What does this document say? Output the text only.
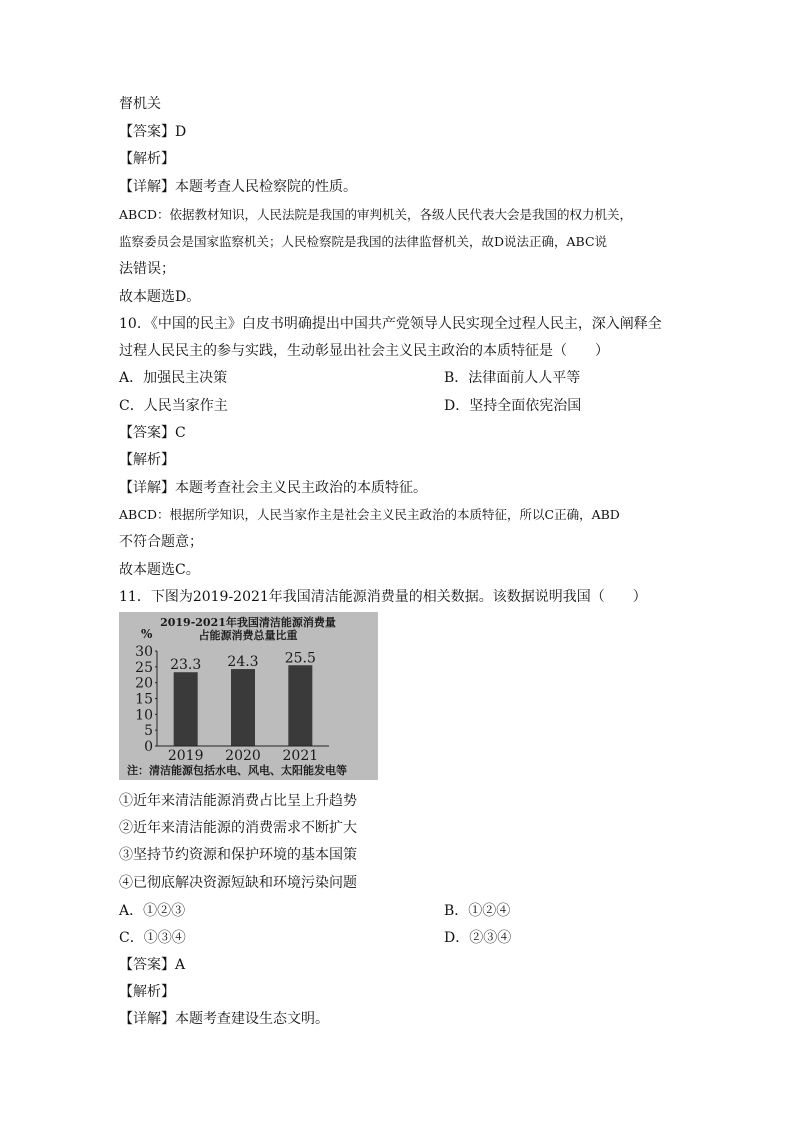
督机关
【答案】D
【解析】
【详解】本题考查人民检察院的性质。
ABCD：依据教材知识，人民法院是我国的审判机关，各级人民代表大会是我国的权力机关，
监察委员会是国家监察机关；人民检察院是我国的法律监督机关，故D说法正确，ABC说
法错误；
故本题选D。
10．《中国的民主》白皮书明确提出中国共产党领导人民实现全过程人民主，深入阐释全
过程人民民主的参与实践，生动彰显出社会主义民主政治的本质特征是（　　）
A．加强民主决策	B．法律面前人人平等
C．人民当家作主	D．坚持全面依宪治国
【答案】C
【解析】
【详解】本题考查社会主义民主政治的本质特征。
ABCD：根据所学知识，人民当家作主是社会主义民主政治的本质特征，所以C正确，ABD
不符合题意；
故本题选C。
11．下图为2019-2021年我国清洁能源消费量的相关数据。该数据说明我国（　　）
2019-2021年我国清洁能源消费量
占能源消费总量比重
%
0
5
10
15
20
25
30
23.3
2019
24.3
2020
25.5
2021
注：清洁能源包括水电、风电、太阳能发电等
①近年来清洁能源消费占比呈上升趋势
②近年来清洁能源的消费需求不断扩大
③坚持节约资源和保护环境的基本国策
④已彻底解决资源短缺和环境污染问题
A．①②③	B．①②④
C．①③④	D．②③④
【答案】A
【解析】
【详解】本题考查建设生态文明。
